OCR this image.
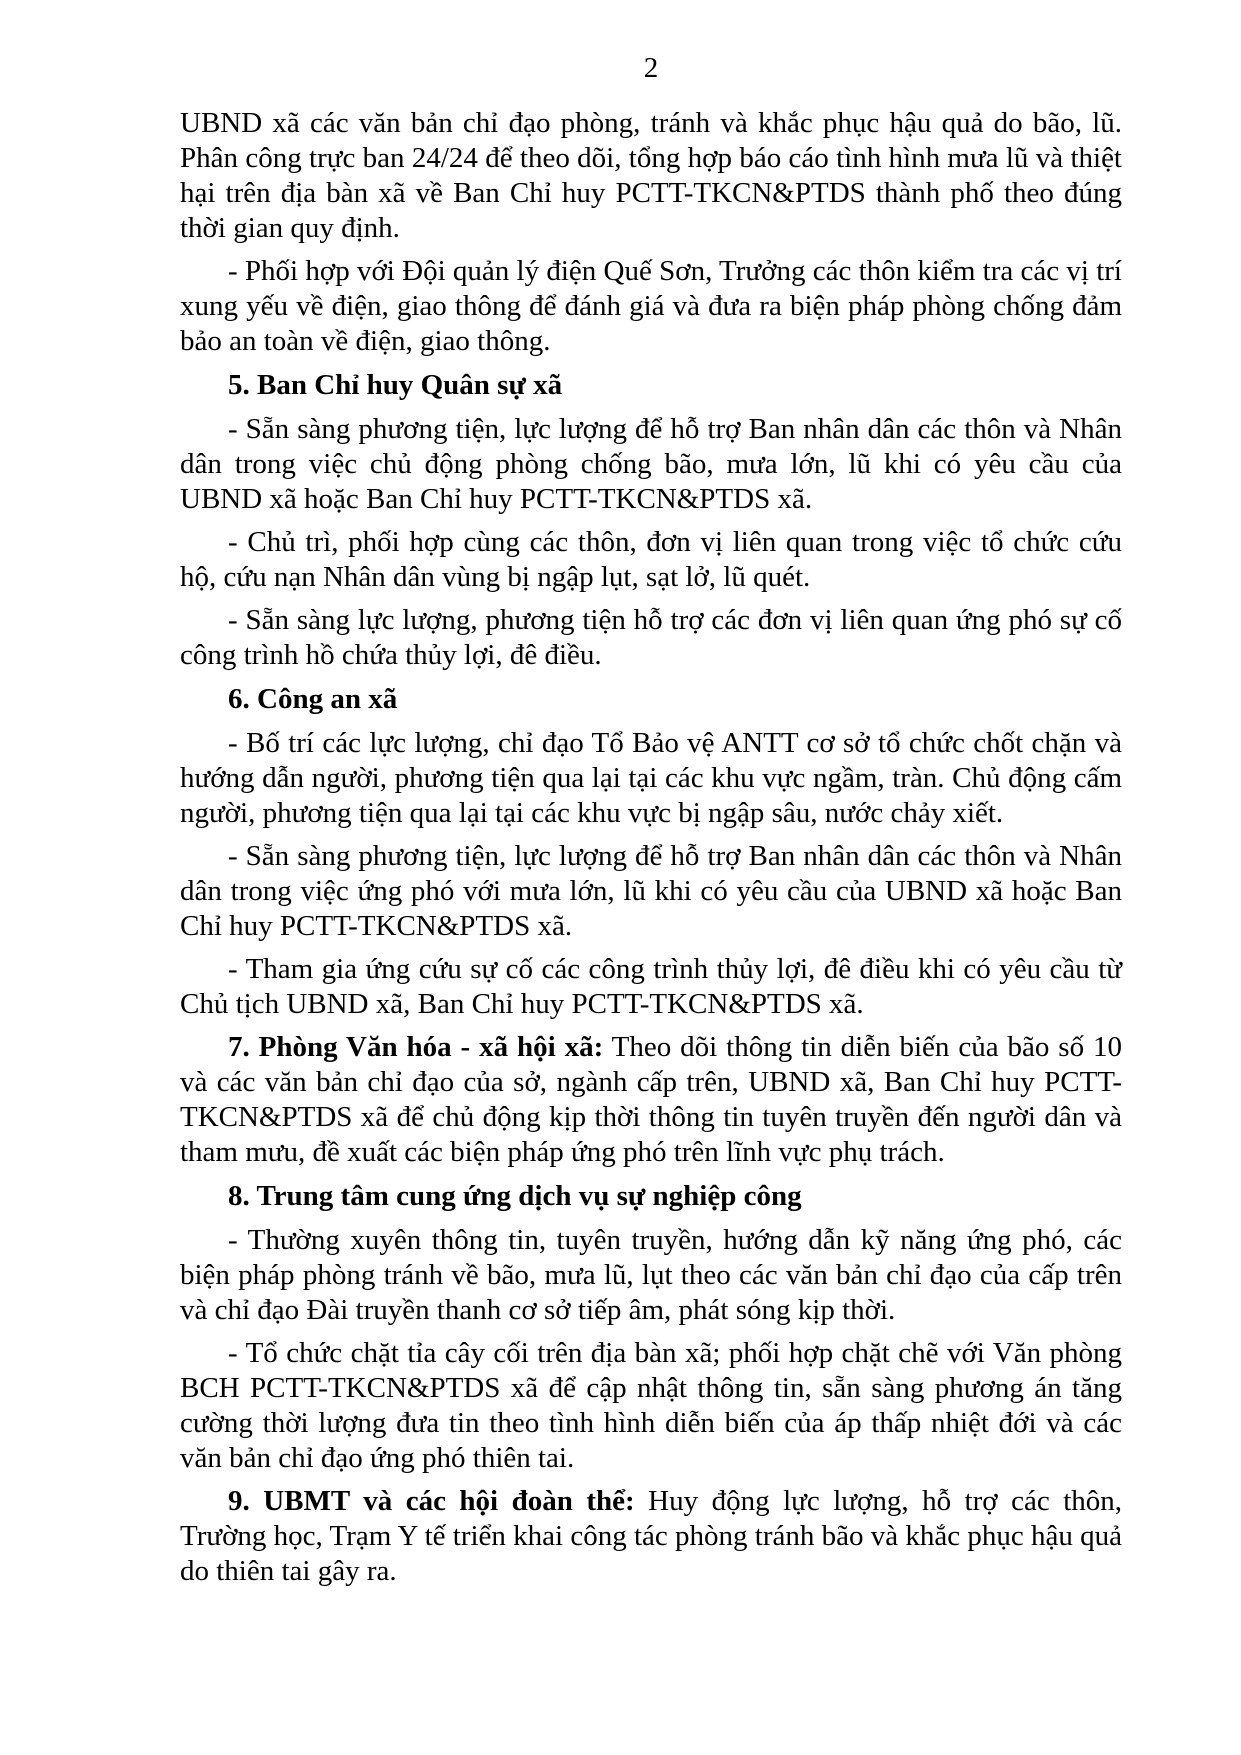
2

UBND xã các văn bản chỉ đạo phòng, tránh và khắc phục hậu quả do bão, lũ. Phân công trực ban 24/24 để theo dõi, tổng hợp báo cáo tình hình mưa lũ và thiệt hại trên địa bàn xã về Ban Chỉ huy PCTT-TKCN&PTDS thành phố theo đúng thời gian quy định.

- Phối hợp với Đội quản lý điện Quế Sơn, Trưởng các thôn kiểm tra các vị trí xung yếu về điện, giao thông để đánh giá và đưa ra biện pháp phòng chống đảm bảo an toàn về điện, giao thông.

5. Ban Chỉ huy Quân sự xã

- Sẵn sàng phương tiện, lực lượng để hỗ trợ Ban nhân dân các thôn và Nhân dân trong việc chủ động phòng chống bão, mưa lớn, lũ khi có yêu cầu của UBND xã hoặc Ban Chỉ huy PCTT-TKCN&PTDS xã.

- Chủ trì, phối hợp cùng các thôn, đơn vị liên quan trong việc tổ chức cứu hộ, cứu nạn Nhân dân vùng bị ngập lụt, sạt lở, lũ quét.

- Sẵn sàng lực lượng, phương tiện hỗ trợ các đơn vị liên quan ứng phó sự cố công trình hồ chứa thủy lợi, đê điều.

6. Công an xã

- Bố trí các lực lượng, chỉ đạo Tổ Bảo vệ ANTT cơ sở tổ chức chốt chặn và hướng dẫn người, phương tiện qua lại tại các khu vực ngầm, tràn. Chủ động cấm người, phương tiện qua lại tại các khu vực bị ngập sâu, nước chảy xiết.

- Sẵn sàng phương tiện, lực lượng để hỗ trợ Ban nhân dân các thôn và Nhân dân trong việc ứng phó với mưa lớn, lũ khi có yêu cầu của UBND xã hoặc Ban Chỉ huy PCTT-TKCN&PTDS xã.

- Tham gia ứng cứu sự cố các công trình thủy lợi, đê điều khi có yêu cầu từ Chủ tịch UBND xã, Ban Chỉ huy PCTT-TKCN&PTDS xã.

7. Phòng Văn hóa - xã hội xã: Theo dõi thông tin diễn biến của bão số 10 và các văn bản chỉ đạo của sở, ngành cấp trên, UBND xã, Ban Chỉ huy PCTT-TKCN&PTDS xã để chủ động kịp thời thông tin tuyên truyền đến người dân và tham mưu, đề xuất các biện pháp ứng phó trên lĩnh vực phụ trách.

8. Trung tâm cung ứng dịch vụ sự nghiệp công

- Thường xuyên thông tin, tuyên truyền, hướng dẫn kỹ năng ứng phó, các biện pháp phòng tránh về bão, mưa lũ, lụt theo các văn bản chỉ đạo của cấp trên và chỉ đạo Đài truyền thanh cơ sở tiếp âm, phát sóng kịp thời.

- Tổ chức chặt tỉa cây cối trên địa bàn xã; phối hợp chặt chẽ với Văn phòng BCH PCTT-TKCN&PTDS xã để cập nhật thông tin, sẵn sàng phương án tăng cường thời lượng đưa tin theo tình hình diễn biến của áp thấp nhiệt đới và các văn bản chỉ đạo ứng phó thiên tai.

9. UBMT và các hội đoàn thể: Huy động lực lượng, hỗ trợ các thôn, Trường học, Trạm Y tế triển khai công tác phòng tránh bão và khắc phục hậu quả do thiên tai gây ra.
